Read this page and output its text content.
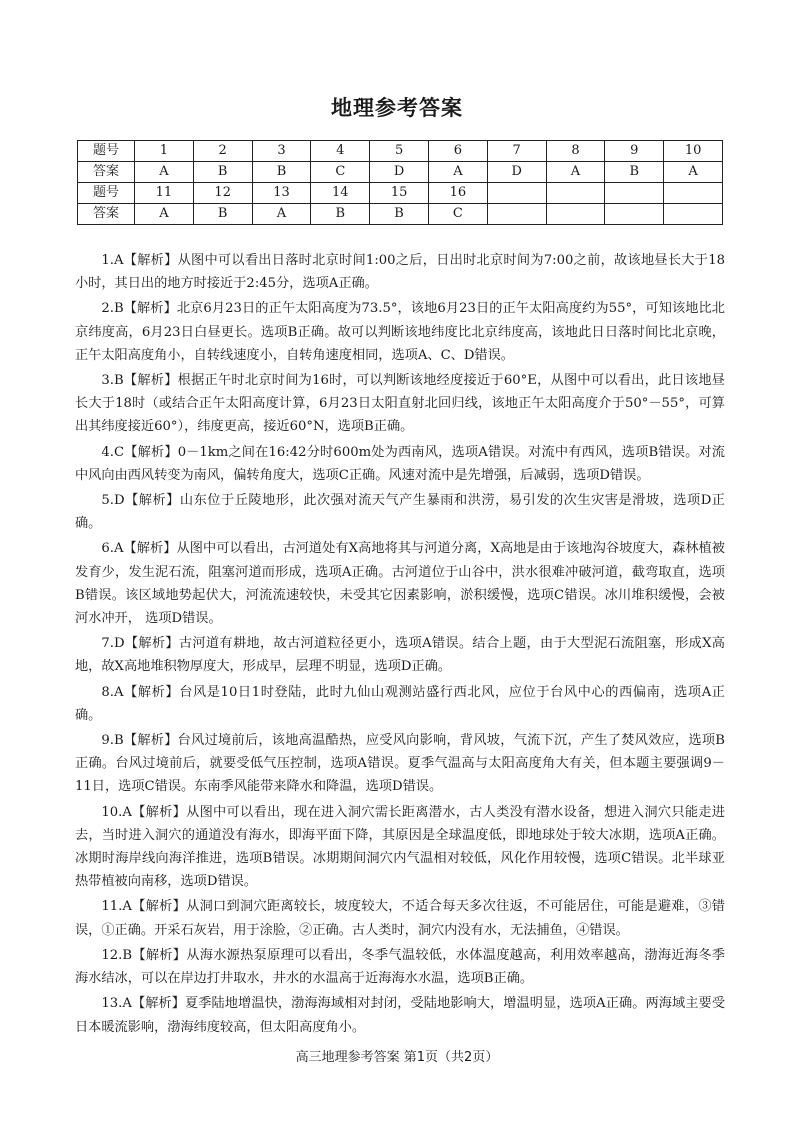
地理参考答案
题号	1	2	3	4	5	6	7	8	9	10
答案	A	B	B	C	D	A	D	A	B	A
题号	11	12	13	14	15	16				
答案	A	B	A	B	B	C				

1.A【解析】从图中可以看出日落时北京时间1:00之后，日出时北京时间为7:00之前，故该地昼长大于18小时，其日出的地方时接近于2:45分，选项A正确。

2.B【解析】北京6月23日的正午太阳高度为73.5°，该地6月23日的正午太阳高度约为55°，可知该地比北京纬度高，6月23日白昼更长。选项B正确。故可以判断该地纬度比北京纬度高，该地此日日落时间比北京晚，正午太阳高度角小，自转线速度小，自转角速度相同，选项A、C、D错误。

3.B【解析】根据正午时北京时间为16时，可以判断该地经度接近于60°E，从图中可以看出，此日该地昼长大于18时（或结合正午太阳高度计算，6月23日太阳直射北回归线，该地正午太阳高度介于50°－55°，可算出其纬度接近60°），纬度更高，接近60°N，选项B正确。

4.C【解析】0－1km之间在16:42分时600m处为西南风，选项A错误。对流中有西风，选项B错误。对流中风向由西风转变为南风，偏转角度大，选项C正确。风速对流中是先增强，后减弱，选项D错误。

5.D【解析】山东位于丘陵地形，此次强对流天气产生暴雨和洪涝，易引发的次生灾害是滑坡，选项D正确。

6.A【解析】从图中可以看出，古河道处有X高地将其与河道分离，X高地是由于该地沟谷坡度大，森林植被发育少，发生泥石流，阻塞河道而形成，选项A正确。古河道位于山谷中，洪水很难冲破河道，截弯取直，选项B错误。该区域地势起伏大，河流流速较快，未受其它因素影响，淤积缓慢，选项C错误。冰川堆积缓慢，会被河水冲开， 选项D错误。

7.D【解析】古河道有耕地，故古河道粒径更小，选项A错误。结合上题，由于大型泥石流阻塞，形成X高地，故X高地堆积物厚度大，形成早，层理不明显，选项D正确。

8.A【解析】台风是10日1时登陆，此时九仙山观测站盛行西北风，应位于台风中心的西偏南，选项A正确。

9.B【解析】台风过境前后，该地高温酷热，应受风向影响，背风坡，气流下沉，产生了焚风效应，选项B正确。台风过境前后，就要受低气压控制，选项A错误。夏季气温高与太阳高度角大有关，但本题主要强调9－11日，选项C错误。东南季风能带来降水和降温，选项D错误。

10.A【解析】从图中可以看出，现在进入洞穴需长距离潜水，古人类没有潜水设备，想进入洞穴只能走进去，当时进入洞穴的通道没有海水，即海平面下降，其原因是全球温度低，即地球处于较大冰期，选项A正确。冰期时海岸线向海洋推进，选项B错误。冰期期间洞穴内气温相对较低，风化作用较慢，选项C错误。北半球亚热带植被向南移，选项D错误。

11.A【解析】从洞口到洞穴距离较长，坡度较大，不适合每天多次往返，不可能居住，可能是避难，③错误，①正确。开采石灰岩，用于涂脸，②正确。古人类时，洞穴内没有水，无法捕鱼，④错误。

12.B【解析】从海水源热泵原理可以看出，冬季气温较低，水体温度越高，利用效率越高，渤海近海冬季海水结冰，可以在岸边打井取水，井水的水温高于近海海水水温，选项B正确。

13.A【解析】夏季陆地增温快，渤海海域相对封闭，受陆地影响大，增温明显，选项A正确。两海域主要受日本暖流影响，渤海纬度较高，但太阳高度角小。

高三地理参考答案 第1页（共2页）
